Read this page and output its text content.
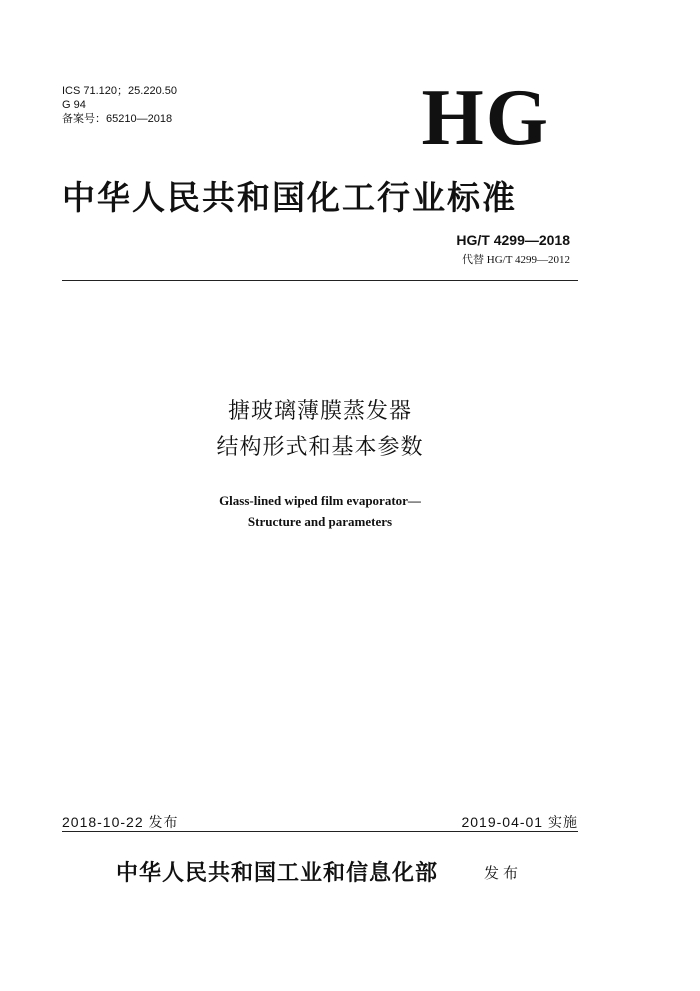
ICS 71.120；25.220.50
G 94
备案号：65210—2018	HG
中华人民共和国化工行业标准
HG/T 4299—2018
代替 HG/T 4299—2012
搪玻璃薄膜蒸发器
结构形式和基本参数
Glass-lined wiped film evaporator—
Structure and parameters
2018-10-22 发布	2019-04-01 实施
中华人民共和国工业和信息化部	发布
